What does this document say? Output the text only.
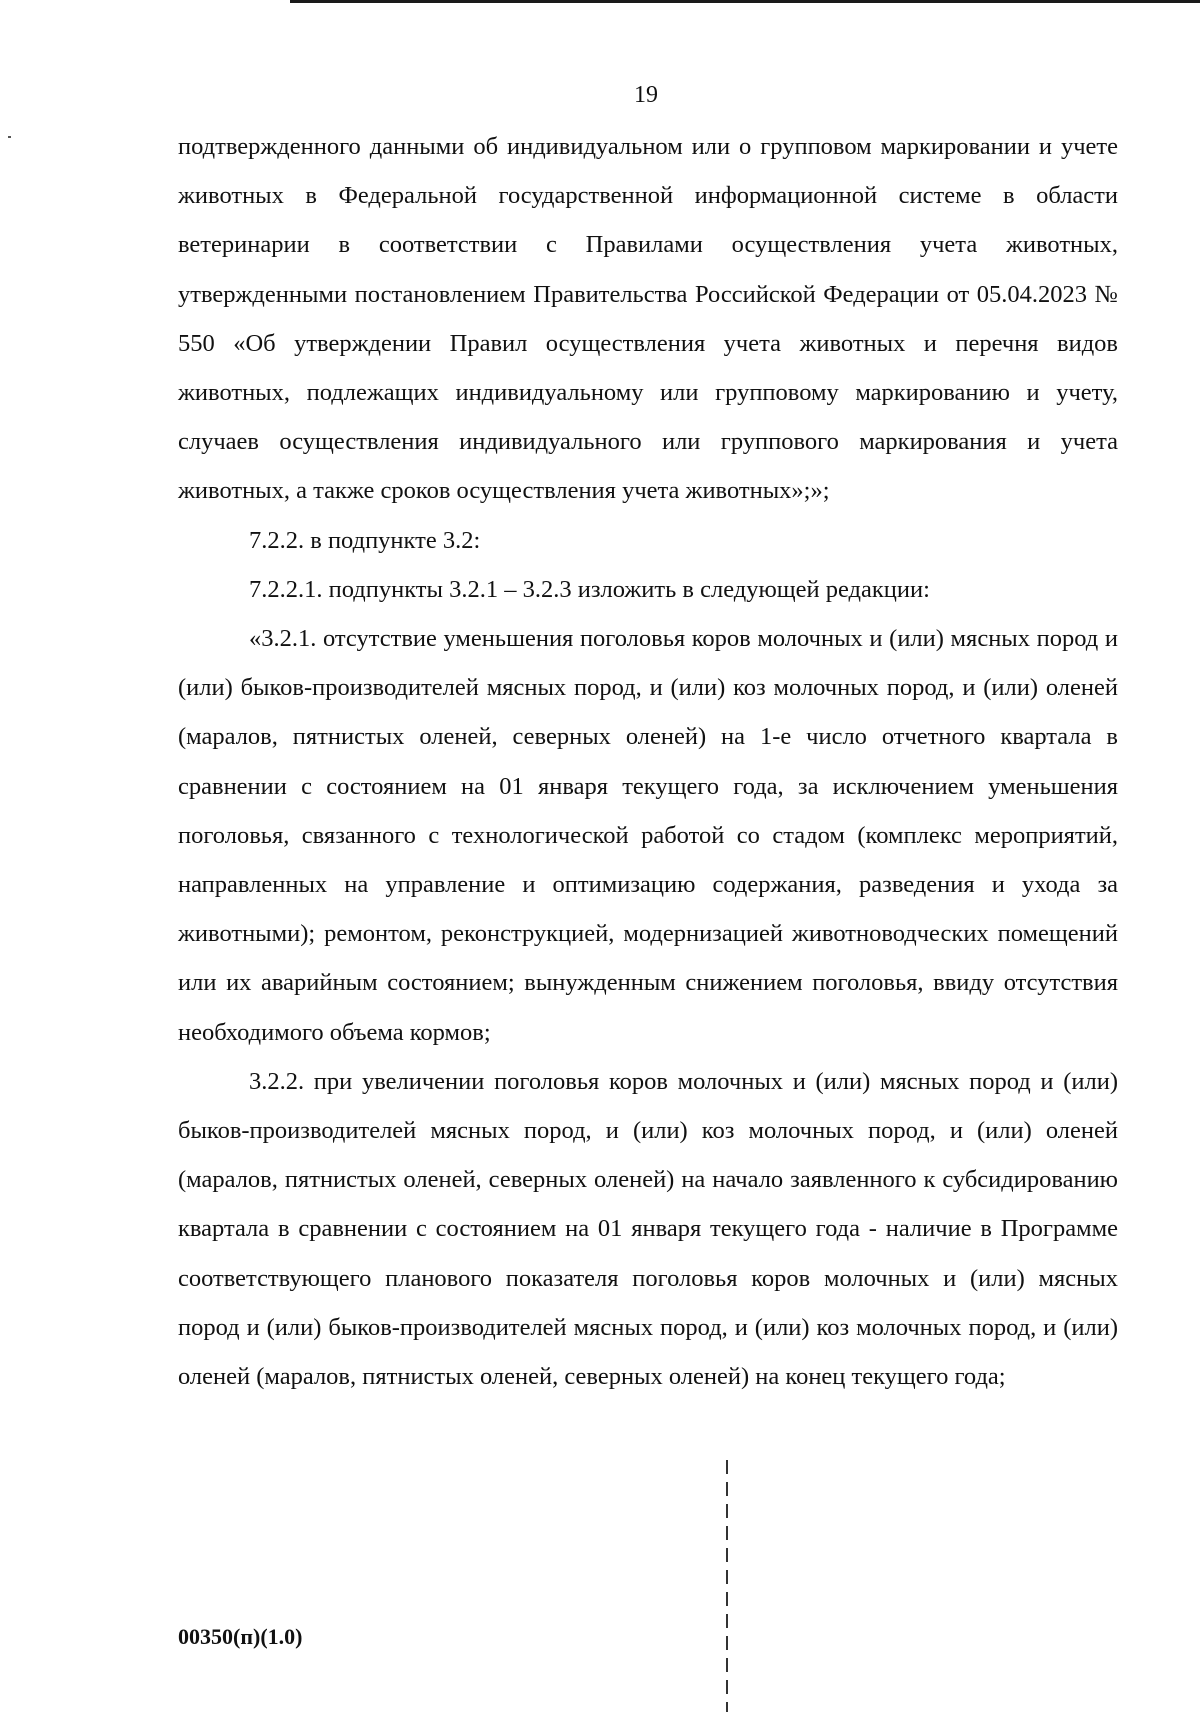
19

подтвержденного данными об индивидуальном или о групповом маркировании и учете животных в Федеральной государственной информационной системе в области ветеринарии в соответствии с Правилами осуществления учета животных, утвержденными постановлением Правительства Российской Федерации от 05.04.2023 № 550 «Об утверждении Правил осуществления учета животных и перечня видов животных, подлежащих индивидуальному или групповому маркированию и учету, случаев осуществления индивидуального или группового маркирования и учета животных, а также сроков осуществления учета животных»;»;

7.2.2. в подпункте 3.2:

7.2.2.1. подпункты 3.2.1 – 3.2.3 изложить в следующей редакции:

«3.2.1. отсутствие уменьшения поголовья коров молочных и (или) мясных пород и (или) быков-производителей мясных пород, и (или) коз молочных пород, и (или) оленей (маралов, пятнистых оленей, северных оленей) на 1-е число отчетного квартала в сравнении с состоянием на 01 января текущего года, за исключением уменьшения поголовья, связанного с технологической работой со стадом (комплекс мероприятий, направленных на управление и оптимизацию содержания, разведения и ухода за животными); ремонтом, реконструкцией, модернизацией животноводческих помещений или их аварийным состоянием; вынужденным снижением поголовья, ввиду отсутствия необходимого объема кормов;

3.2.2. при увеличении поголовья коров молочных и (или) мясных пород и (или) быков-производителей мясных пород, и (или) коз молочных пород, и (или) оленей (маралов, пятнистых оленей, северных оленей) на начало заявленного к субсидированию квартала в сравнении с состоянием на 01 января текущего года - наличие в Программе соответствующего планового показателя поголовья коров молочных и (или) мясных пород и (или) быков-производителей мясных пород, и (или) коз молочных пород, и (или) оленей (маралов, пятнистых оленей, северных оленей) на конец текущего года;

00350(п)(1.0)
